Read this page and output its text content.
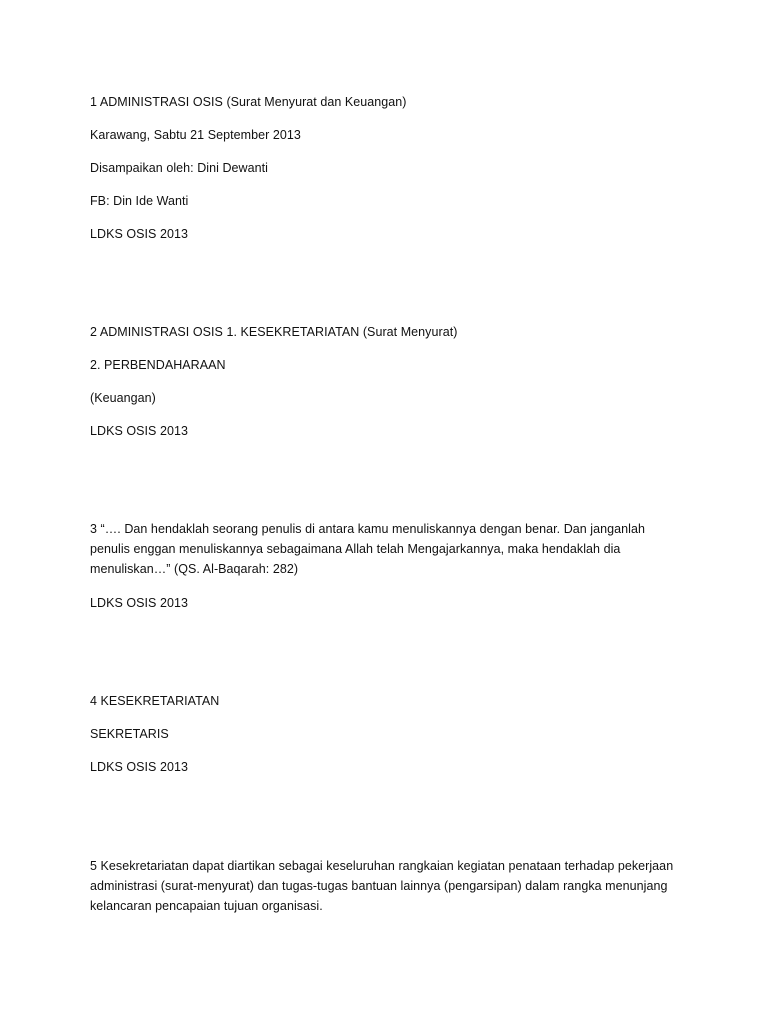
1 ADMINISTRASI OSIS (Surat Menyurat dan Keuangan)
Karawang, Sabtu 21 September 2013
Disampaikan oleh: Dini Dewanti
FB: Din Ide Wanti
LDKS OSIS 2013
2 ADMINISTRASI OSIS 1. KESEKRETARIATAN (Surat Menyurat)
2. PERBENDAHARAAN
(Keuangan)
LDKS OSIS 2013
3 “…. Dan hendaklah seorang penulis di antara kamu menuliskannya dengan benar. Dan janganlah
penulis enggan menuliskannya sebagaimana Allah telah Mengajarkannya, maka hendaklah dia
menuliskan…” (QS. Al-Baqarah: 282)
LDKS OSIS 2013
4 KESEKRETARIATAN
SEKRETARIS
LDKS OSIS 2013
5 Kesekretariatan dapat diartikan sebagai keseluruhan rangkaian kegiatan penataan terhadap pekerjaan
administrasi (surat-menyurat) dan tugas-tugas bantuan lainnya (pengarsipan) dalam rangka menunjang
kelancaran pencapaian tujuan organisasi.
